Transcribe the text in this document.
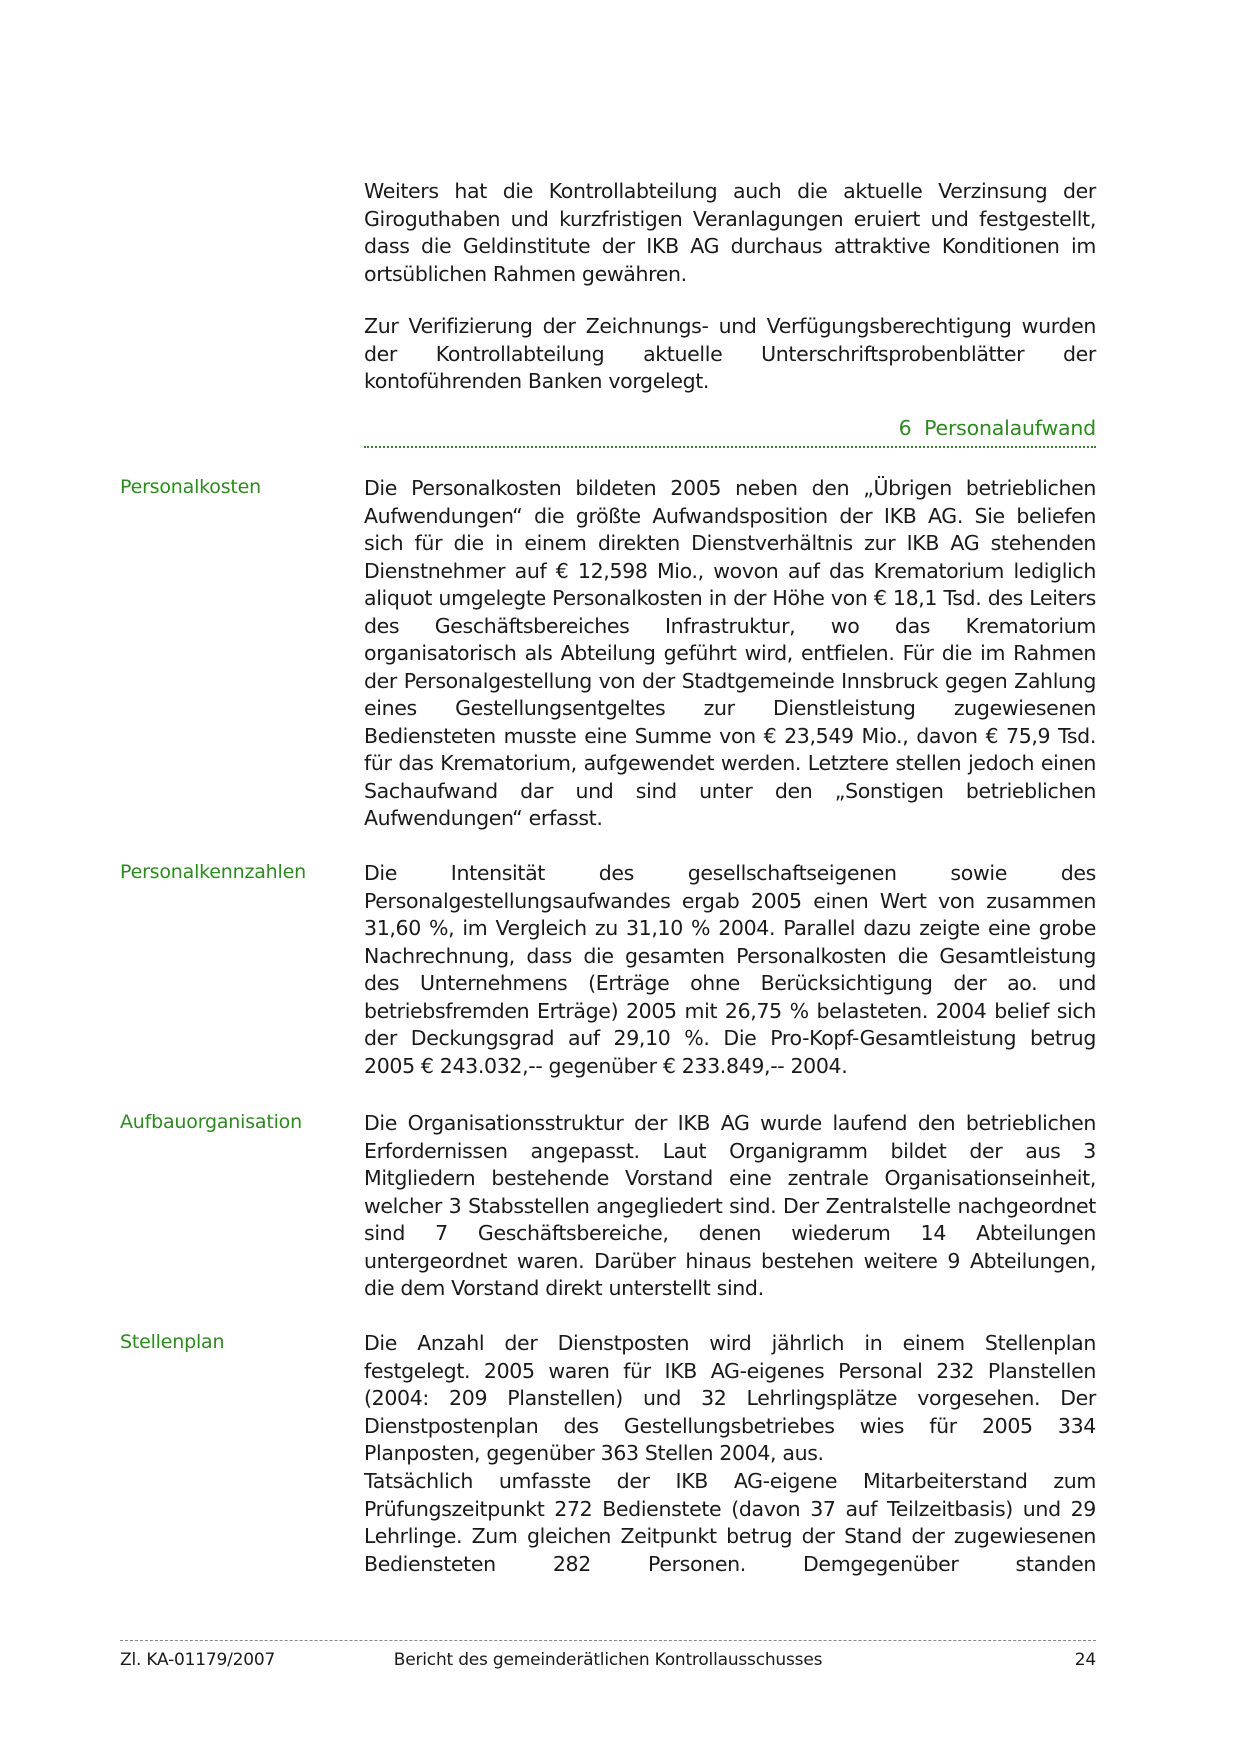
Weiters hat die Kontrollabteilung auch die aktuelle Verzinsung der Giroguthaben und kurzfristigen Veranlagungen eruiert und festgestellt, dass die Geldinstitute der IKB AG durchaus attraktive Konditionen im ortsüblichen Rahmen gewähren.

Zur Verifizierung der Zeichnungs- und Verfügungsberechtigung wurden der Kontrollabteilung aktuelle Unterschriftsprobenblätter der kontoführenden Banken vorgelegt.

6  Personalaufwand
Personalkosten	Die Personalkosten bildeten 2005 neben den „Übrigen betrieblichen Aufwendungen“ die größte Aufwandsposition der IKB AG. Sie beliefen sich für die in einem direkten Dienstverhältnis zur IKB AG stehenden Dienstnehmer auf € 12,598 Mio., wovon auf das Krematorium lediglich aliquot umgelegte Personalkosten in der Höhe von € 18,1 Tsd. des Leiters des Geschäftsbereiches Infrastruktur, wo das Krematorium organisatorisch als Abteilung geführt wird, entfielen. Für die im Rahmen der Personalgestellung von der Stadtgemeinde Innsbruck gegen Zahlung eines Gestellungsentgeltes zur Dienstleistung zugewiesenen Bediensteten musste eine Summe von € 23,549 Mio., davon € 75,9 Tsd. für das Krematorium, aufgewendet werden. Letztere stellen jedoch einen Sachaufwand dar und sind unter den „Sonstigen betrieblichen Aufwendungen“ erfasst.

Personalkennzahlen	Die Intensität des gesellschaftseigenen sowie des Personalgestellungsaufwandes ergab 2005 einen Wert von zusammen 31,60 %, im Vergleich zu 31,10 % 2004. Parallel dazu zeigte eine grobe Nachrechnung, dass die gesamten Personalkosten die Gesamtleistung des Unternehmens (Erträge ohne Berücksichtigung der ao. und betriebsfremden Erträge) 2005 mit 26,75 % belasteten. 2004 belief sich der Deckungsgrad auf 29,10 %. Die Pro-Kopf-Gesamtleistung betrug 2005 € 243.032,-- gegenüber € 233.849,-- 2004.

Aufbauorganisation	Die Organisationsstruktur der IKB AG wurde laufend den betrieblichen Erfordernissen angepasst. Laut Organigramm bildet der aus 3 Mitgliedern bestehende Vorstand eine zentrale Organisationseinheit, welcher 3 Stabsstellen angegliedert sind. Der Zentralstelle nachgeordnet sind 7 Geschäftsbereiche, denen wiederum 14 Abteilungen untergeordnet waren. Darüber hinaus bestehen weitere 9 Abteilungen, die dem Vorstand direkt unterstellt sind.

Stellenplan	Die Anzahl der Dienstposten wird jährlich in einem Stellenplan festgelegt. 2005 waren für IKB AG-eigenes Personal 232 Planstellen (2004: 209 Planstellen) und 32 Lehrlingsplätze vorgesehen. Der Dienstpostenplan des Gestellungsbetriebes wies für 2005 334 Planposten, gegenüber 363 Stellen 2004, aus.

Tatsächlich umfasste der IKB AG-eigene Mitarbeiterstand zum Prüfungszeitpunkt 272 Bedienstete (davon 37 auf Teilzeitbasis) und 29 Lehrlinge. Zum gleichen Zeitpunkt betrug der Stand der zugewiesenen Bediensteten 282 Personen. Demgegenüber standen

Zl. KA-01179/2007	Bericht des gemeinderätlichen Kontrollausschusses	24
